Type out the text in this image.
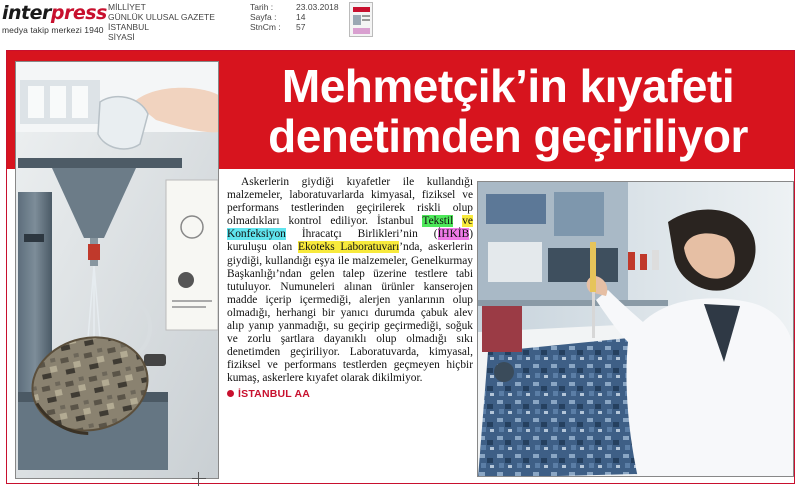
interpress
medya takip merkezi 1940
MİLLİYET
GÜNLÜK ULUSAL GAZETE
İSTANBUL
SİYASİ
Tarih :
Sayfa :
StnCm :
23.03.2018
14
57
Mehmetçik’in kıyafeti
denetimden geçiriliyor

Askerlerin giydiği kıyafetler ile kullandığı malzemeler, laboratuvarlarda kimyasal, fiziksel ve performans testlerinden geçirilerek riskli olup olmadıkları kontrol ediliyor. İstanbul Tekstil ve Konfeksiyon İhracatçı Birlikleri’nin (İHKİB) kuruluşu olan Ekoteks Laboratuvarı’nda, askerlerin giydiği, kullandığı eşya ile malzemeler, Genelkurmay Başkanlığı’ndan gelen talep üzerine testlere tabi tutuluyor. Numuneleri alınan ürünler kanserojen madde içerip içermediği, alerjen yanlarının olup olmadığı, herhangi bir yanıcı durumda çabuk alev alıp yanıp yanmadığı, su geçirip geçirmediği, soğuk ve zorlu şartlara dayanıklı olup olmadığı sıkı denetimden geçiriliyor. Laboratuvarda, kimyasal, fiziksel ve performans testlerden geçmeyen hiçbir kumaş, askerlere kıyafet olarak dikilmiyor.

İSTANBUL AA
